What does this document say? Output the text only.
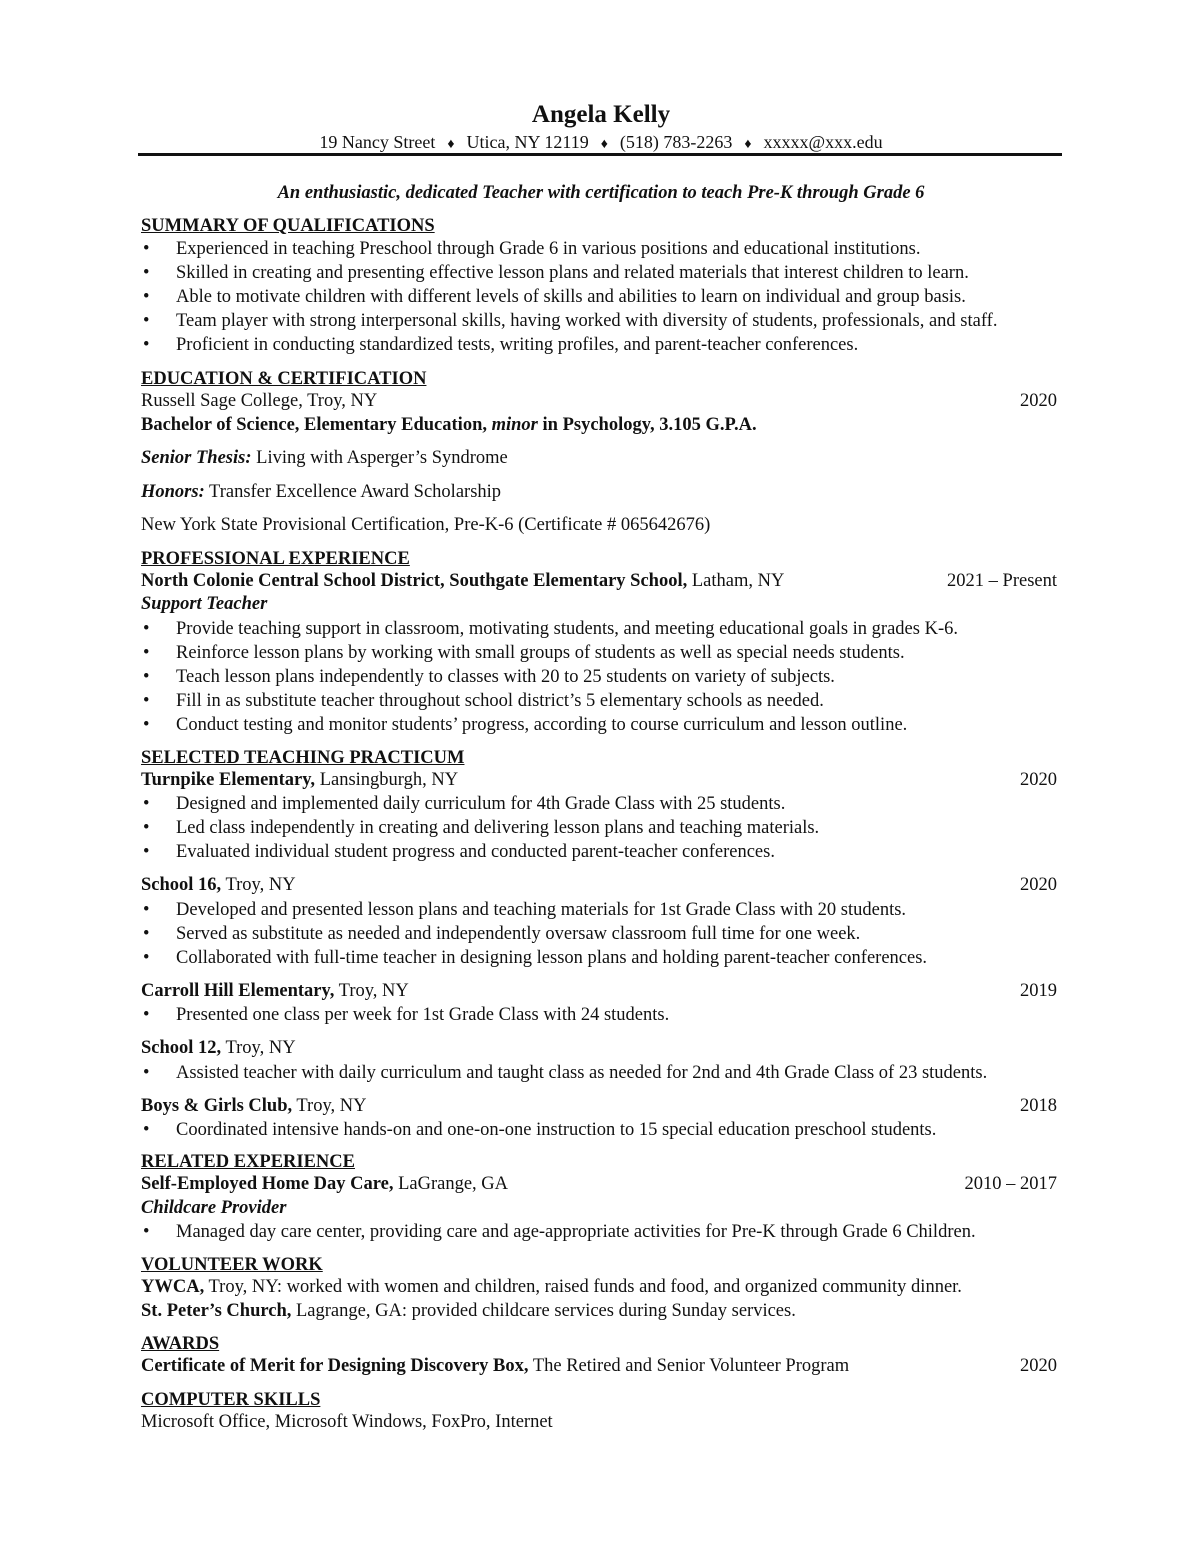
Angela Kelly
19 Nancy Street ♦ Utica, NY 12119 ♦ (518) 783-2263 ♦ xxxxx@xxx.edu
An enthusiastic, dedicated Teacher with certification to teach Pre-K through Grade 6
SUMMARY OF QUALIFICATIONS
• Experienced in teaching Preschool through Grade 6 in various positions and educational institutions.
• Skilled in creating and presenting effective lesson plans and related materials that interest children to learn.
• Able to motivate children with different levels of skills and abilities to learn on individual and group basis.
• Team player with strong interpersonal skills, having worked with diversity of students, professionals, and staff.
• Proficient in conducting standardized tests, writing profiles, and parent-teacher conferences.
EDUCATION & CERTIFICATION
Russell Sage College, Troy, NY	2020
Bachelor of Science, Elementary Education, minor in Psychology, 3.105 G.P.A.
Senior Thesis: Living with Asperger’s Syndrome
Honors: Transfer Excellence Award Scholarship
New York State Provisional Certification, Pre-K-6 (Certificate # 065642676)
PROFESSIONAL EXPERIENCE
North Colonie Central School District, Southgate Elementary School, Latham, NY	2021 – Present
Support Teacher
• Provide teaching support in classroom, motivating students, and meeting educational goals in grades K-6.
• Reinforce lesson plans by working with small groups of students as well as special needs students.
• Teach lesson plans independently to classes with 20 to 25 students on variety of subjects.
• Fill in as substitute teacher throughout school district’s 5 elementary schools as needed.
• Conduct testing and monitor students’ progress, according to course curriculum and lesson outline.
SELECTED TEACHING PRACTICUM
Turnpike Elementary, Lansingburgh, NY	2020
• Designed and implemented daily curriculum for 4th Grade Class with 25 students.
• Led class independently in creating and delivering lesson plans and teaching materials.
• Evaluated individual student progress and conducted parent-teacher conferences.
School 16, Troy, NY	2020
• Developed and presented lesson plans and teaching materials for 1st Grade Class with 20 students.
• Served as substitute as needed and independently oversaw classroom full time for one week.
• Collaborated with full-time teacher in designing lesson plans and holding parent-teacher conferences.
Carroll Hill Elementary, Troy, NY	2019
• Presented one class per week for 1st Grade Class with 24 students.
School 12, Troy, NY
• Assisted teacher with daily curriculum and taught class as needed for 2nd and 4th Grade Class of 23 students.
Boys & Girls Club, Troy, NY	2018
• Coordinated intensive hands-on and one-on-one instruction to 15 special education preschool students.
RELATED EXPERIENCE
Self-Employed Home Day Care, LaGrange, GA	2010 – 2017
Childcare Provider
• Managed day care center, providing care and age-appropriate activities for Pre-K through Grade 6 Children.
VOLUNTEER WORK
YWCA, Troy, NY: worked with women and children, raised funds and food, and organized community dinner.
St. Peter’s Church, Lagrange, GA: provided childcare services during Sunday services.
AWARDS
Certificate of Merit for Designing Discovery Box, The Retired and Senior Volunteer Program	2020
COMPUTER SKILLS
Microsoft Office, Microsoft Windows, FoxPro, Internet
